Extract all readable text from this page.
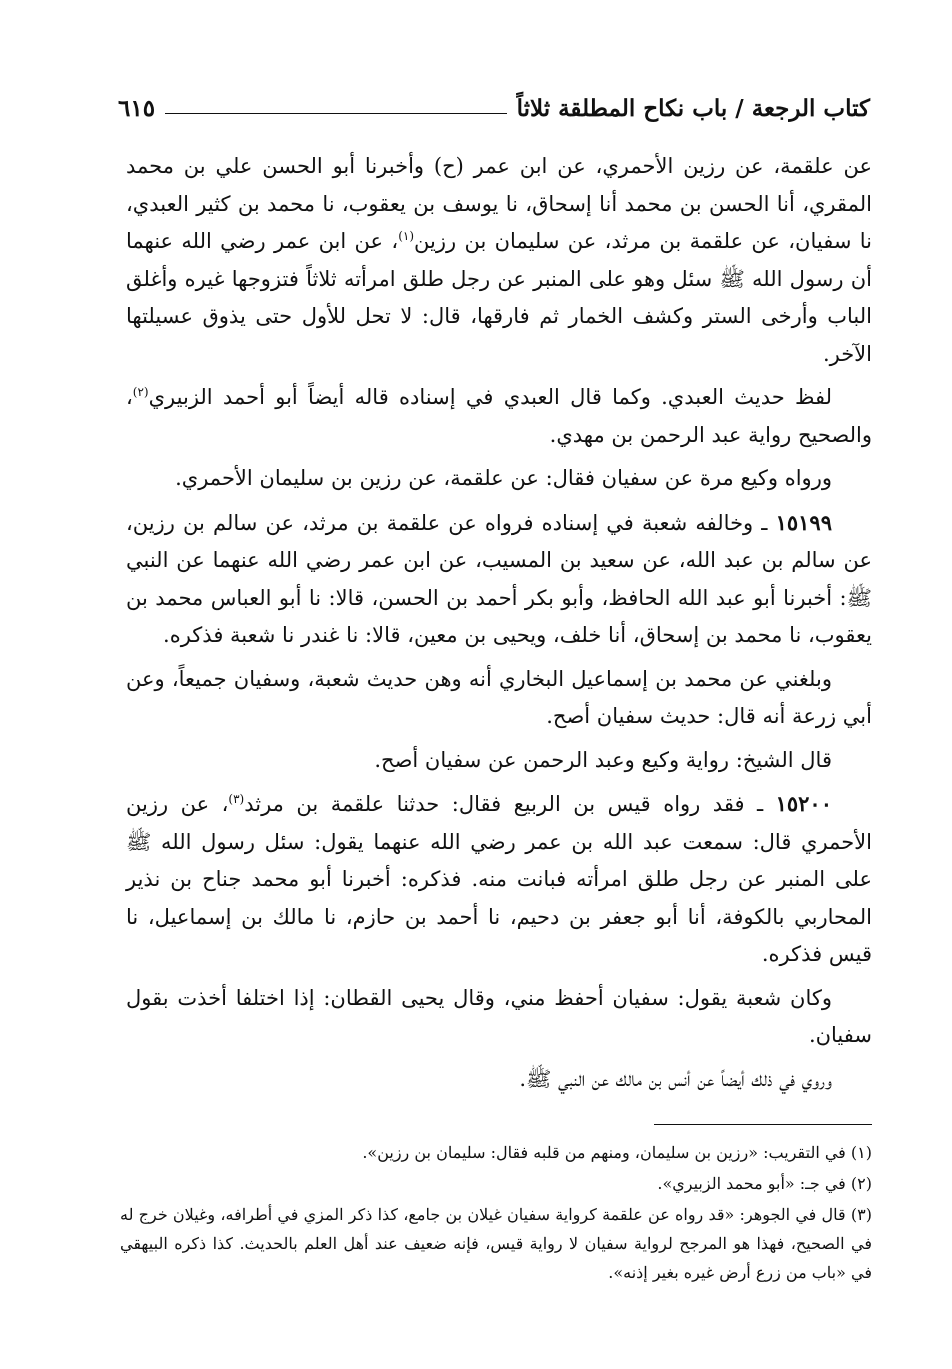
كتاب الرجعة / باب نكاح المطلقة ثلاثاً
٦١٥

عن علقمة، عن رزين الأحمري، عن ابن عمر (ح) وأخبرنا أبو الحسن علي بن محمد المقري، أنا الحسن بن محمد أنا إسحاق، نا يوسف بن يعقوب، نا محمد بن كثير العبدي، نا سفيان، عن علقمة بن مرثد، عن سليمان بن رزين$^{(١)}$، عن ابن عمر رضي الله عنهما أن رسول الله ﷺ سئل وهو على المنبر عن رجل طلق امرأته ثلاثاً فتزوجها غيره وأغلق الباب وأرخى الستر وكشف الخمار ثم فارقها، قال: لا تحل للأول حتى يذوق عسيلتها الآخر.

لفظ حديث العبدي. وكما قال العبدي في إسناده قاله أيضاً أبو أحمد الزبيري$^{(٢)}$، والصحيح رواية عبد الرحمن بن مهدي.

ورواه وكيع مرة عن سفيان فقال: عن علقمة، عن رزين بن سليمان الأحمري.

١٥١٩٩ ـ وخالفه شعبة في إسناده فرواه عن علقمة بن مرثد، عن سالم بن رزين، عن سالم بن عبد الله، عن سعيد بن المسيب، عن ابن عمر رضي الله عنهما عن النبي ﷺ: أخبرنا أبو عبد الله الحافظ، وأبو بكر أحمد بن الحسن، قالا: نا أبو العباس محمد بن يعقوب، نا محمد بن إسحاق، أنا خلف، ويحيى بن معين، قالا: نا غندر نا شعبة فذكره.

وبلغني عن محمد بن إسماعيل البخاري أنه وهن حديث شعبة، وسفيان جميعاً، وعن أبي زرعة أنه قال: حديث سفيان أصح.

قال الشيخ: رواية وكيع وعبد الرحمن عن سفيان أصح.

١٥٢٠٠ ـ فقد رواه قيس بن الربيع فقال: حدثنا علقمة بن مرثد$^{(٣)}$، عن رزين الأحمري قال: سمعت عبد الله بن عمر رضي الله عنهما يقول: سئل رسول الله ﷺ على المنبر عن رجل طلق امرأته فبانت منه. فذكره: أخبرنا أبو محمد جناح بن نذير المحاربي بالكوفة، أنا أبو جعفر بن دحيم، نا أحمد بن حازم، نا مالك بن إسماعيل، نا قيس فذكره.

وكان شعبة يقول: سفيان أحفظ مني، وقال يحيى القطان: إذا اختلفا أخذت بقول سفيان.

وروي في ذلك أيضاً عن أنس بن مالك عن النبي ﷺ.

(١) في التقريب: «رزين بن سليمان، ومنهم من قلبه فقال: سليمان بن رزين».

(٢) في جـ: «أبو محمد الزبيري».

(٣) قال في الجوهر: «قد رواه عن علقمة كرواية سفيان غيلان بن جامع، كذا ذكر المزي في أطرافه، وغيلان خرج له في الصحيح، فهذا هو المرجح لرواية سفيان لا رواية قيس، فإنه ضعيف عند أهل العلم بالحديث. كذا ذكره البيهقي في «باب من زرع أرض غيره بغير إذنه».
